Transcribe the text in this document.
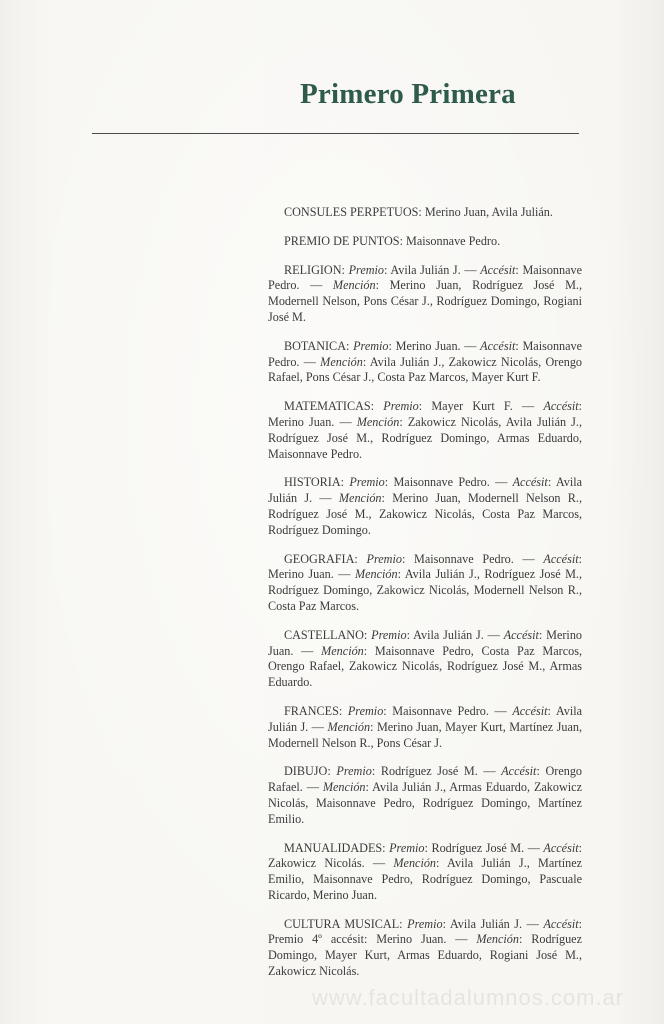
Primero Primera

CONSULES PERPETUOS: Merino Juan, Avila Julián.

PREMIO DE PUNTOS: Maisonnave Pedro.

RELIGION: Premio: Avila Julián J. — Accésit: Maisonnave Pedro. — Mención: Merino Juan, Rodríguez José M., Modernell Nelson, Pons César J., Rodríguez Domingo, Rogiani José M.

BOTANICA: Premio: Merino Juan. — Accésit: Maisonnave Pedro. — Mención: Avila Julián J., Zakowicz Nicolás, Orengo Rafael, Pons César J., Costa Paz Marcos, Mayer Kurt F.

MATEMATICAS: Premio: Mayer Kurt F. — Accésit: Merino Juan. — Mención: Zakowicz Nicolás, Avila Julián J., Rodríguez José M., Rodríguez Domingo, Armas Eduardo, Maisonnave Pedro.

HISTORIA: Premio: Maisonnave Pedro. — Accésit: Avila Julián J. — Mención: Merino Juan, Modernell Nelson R., Rodríguez José M., Zakowicz Nicolás, Costa Paz Marcos, Rodríguez Domingo.

GEOGRAFIA: Premio: Maisonnave Pedro. — Accésit: Merino Juan. — Mención: Avila Julián J., Rodríguez José M., Rodríguez Domingo, Zakowicz Nicolás, Modernell Nelson R., Costa Paz Marcos.

CASTELLANO: Premio: Avila Julián J. — Accésit: Merino Juan. — Mención: Maisonnave Pedro, Costa Paz Marcos, Orengo Rafael, Zakowicz Nicolás, Rodríguez José M., Armas Eduardo.

FRANCES: Premio: Maisonnave Pedro. — Accésit: Avila Julián J. — Mención: Merino Juan, Mayer Kurt, Martínez Juan, Modernell Nelson R., Pons César J.

DIBUJO: Premio: Rodríguez José M. — Accésit: Orengo Rafael. — Mención: Avila Julián J., Armas Eduardo, Zakowicz Nicolás, Maisonnave Pedro, Rodríguez Domingo, Martínez Emilio.

MANUALIDADES: Premio: Rodríguez José M. — Accésit: Zakowicz Nicolás. — Mención: Avila Julián J., Martínez Emilio, Maisonnave Pedro, Rodríguez Domingo, Pascuale Ricardo, Merino Juan.

CULTURA MUSICAL: Premio: Avila Julián J. — Accésit: Premio 4º accésit: Merino Juan. — Mención: Rodríguez Domingo, Mayer Kurt, Armas Eduardo, Rogiani José M., Zakowicz Nicolás.

www.facultadalumnos.com.ar
